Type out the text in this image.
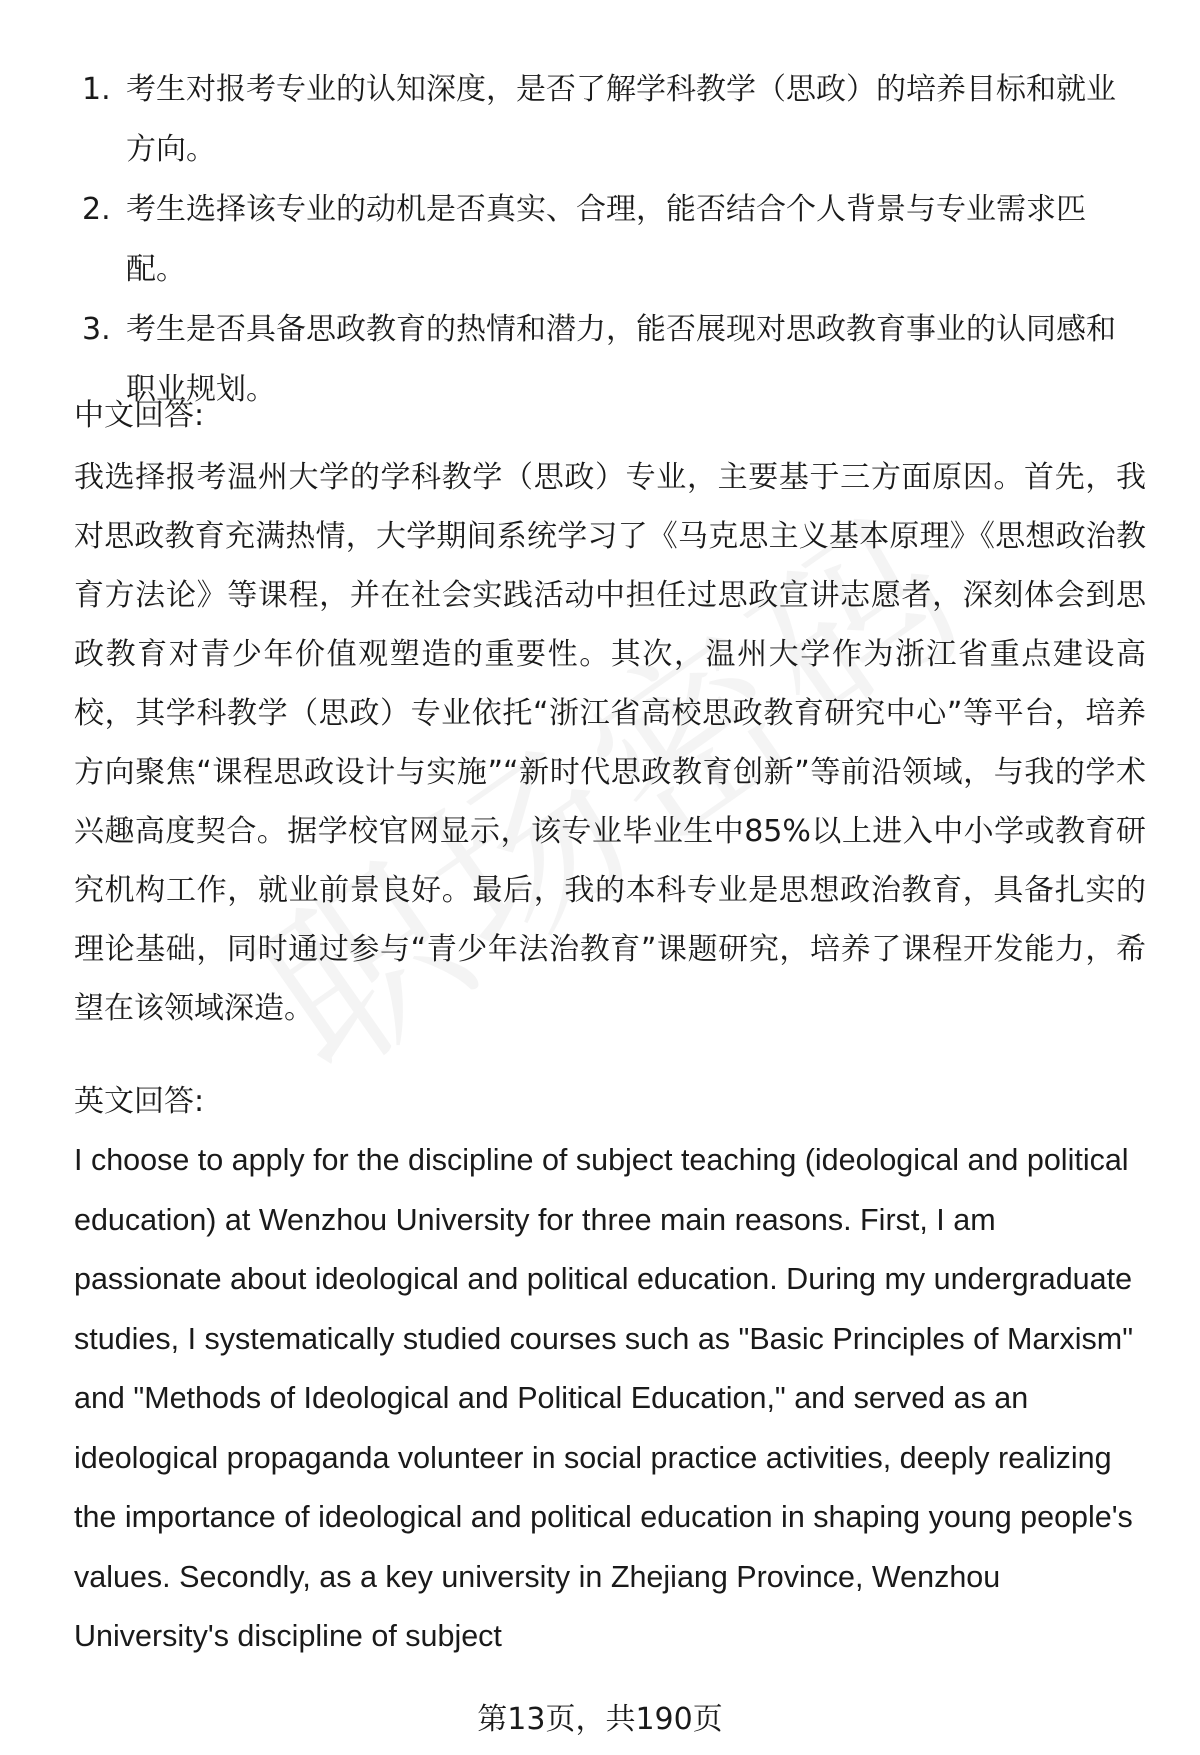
1. 考生对报考专业的认知深度，是否了解学科教学（思政）的培养目标和就业方向。
2. 考生选择该专业的动机是否真实、合理，能否结合个人背景与专业需求匹配。
3. 考生是否具备思政教育的热情和潜力，能否展现对思政教育事业的认同感和职业规划。
中文回答:

我选择报考温州大学的学科教学（思政）专业，主要基于三方面原因。首先，我对思政教育充满热情，大学期间系统学习了《马克思主义基本原理》《思想政治教育方法论》等课程，并在社会实践活动中担任过思政宣讲志愿者，深刻体会到思政教育对青少年价值观塑造的重要性。其次，温州大学作为浙江省重点建设高校，其学科教学（思政）专业依托“浙江省高校思政教育研究中心”等平台，培养方向聚焦“课程思政设计与实施”“新时代思政教育创新”等前沿领域，与我的学术兴趣高度契合。据学校官网显示，该专业毕业生中85%以上进入中小学或教育研究机构工作，就业前景良好。最后，我的本科专业是思想政治教育，具备扎实的理论基础，同时通过参与“青少年法治教育”课题研究，培养了课程开发能力，希望在该领域深造。

英文回答:

I choose to apply for the discipline of subject teaching (ideological and political education) at Wenzhou University for three main reasons. First, I am passionate about ideological and political education. During my undergraduate studies, I systematically studied courses such as "Basic Principles of Marxism" and "Methods of Ideological and Political Education," and served as an ideological propaganda volunteer in social practice activities, deeply realizing the importance of ideological and political education in shaping young people's values. Secondly, as a key university in Zhejiang Province, Wenzhou University's discipline of subject

第13页，共190页
